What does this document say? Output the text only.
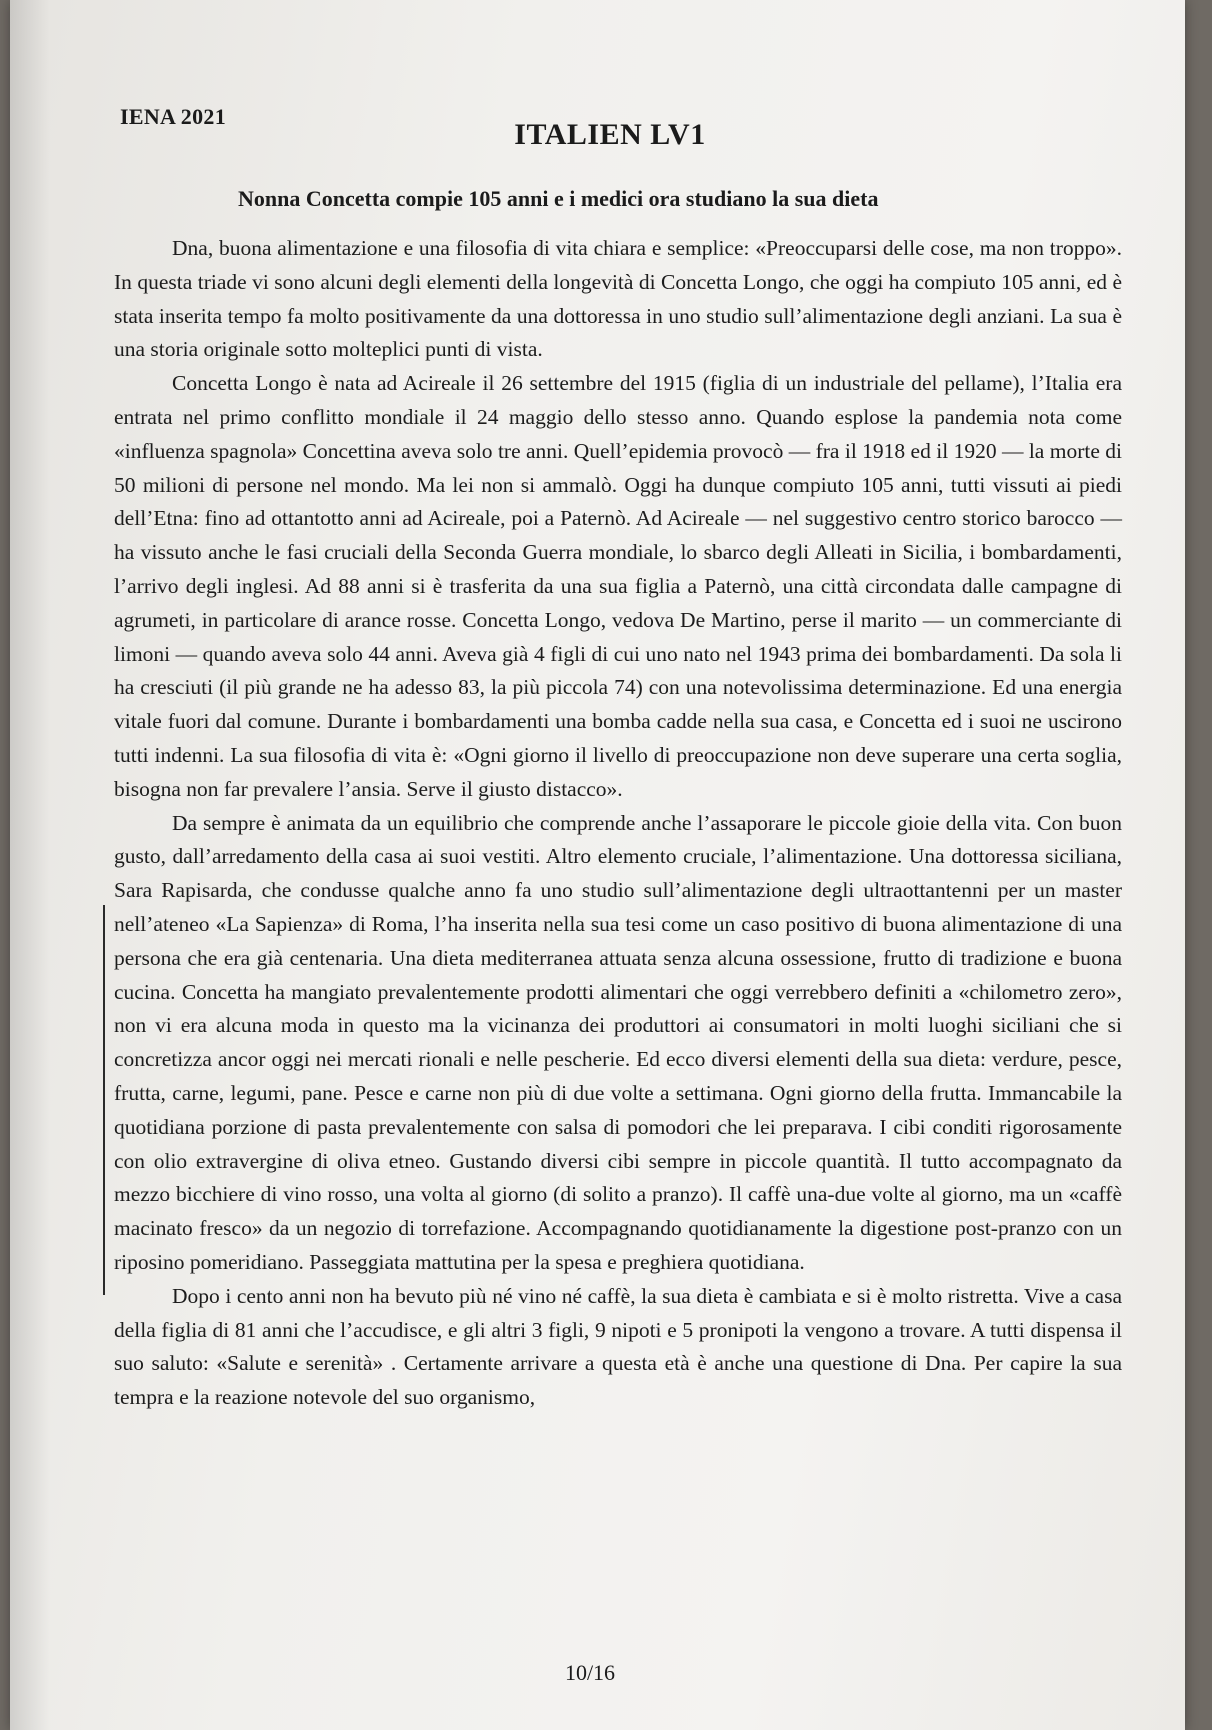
IENA 2021
ITALIEN LV1
Nonna Concetta compie 105 anni e i medici ora studiano la sua dieta

Dna, buona alimentazione e una filosofia di vita chiara e semplice: «Preoccuparsi delle cose, ma non troppo». In questa triade vi sono alcuni degli elementi della longevità di Concetta Longo, che oggi ha compiuto 105 anni, ed è stata inserita tempo fa molto positivamente da una dottoressa in uno studio sull’alimentazione degli anziani. La sua è una storia originale sotto molteplici punti di vista.

Concetta Longo è nata ad Acireale il 26 settembre del 1915 (figlia di un industriale del pellame), l’Italia era entrata nel primo conflitto mondiale il 24 maggio dello stesso anno. Quando esplose la pandemia nota come «influenza spagnola» Concettina aveva solo tre anni. Quell’epidemia provocò — fra il 1918 ed il 1920 — la morte di 50 milioni di persone nel mondo. Ma lei non si ammalò. Oggi ha dunque compiuto 105 anni, tutti vissuti ai piedi dell’Etna: fino ad ottantotto anni ad Acireale, poi a Paternò. Ad Acireale — nel suggestivo centro storico barocco — ha vissuto anche le fasi cruciali della Seconda Guerra mondiale, lo sbarco degli Alleati in Sicilia, i bombardamenti, l’arrivo degli inglesi. Ad 88 anni si è trasferita da una sua figlia a Paternò, una città circondata dalle campagne di agrumeti, in particolare di arance rosse. Concetta Longo, vedova De Martino, perse il marito — un commerciante di limoni — quando aveva solo 44 anni. Aveva già 4 figli di cui uno nato nel 1943 prima dei bombardamenti. Da sola li ha cresciuti (il più grande ne ha adesso 83, la più piccola 74) con una notevolissima determinazione. Ed una energia vitale fuori dal comune. Durante i bombardamenti una bomba cadde nella sua casa, e Concetta ed i suoi ne uscirono tutti indenni. La sua filosofia di vita è: «Ogni giorno il livello di preoccupazione non deve superare una certa soglia, bisogna non far prevalere l’ansia. Serve il giusto distacco».

Da sempre è animata da un equilibrio che comprende anche l’assaporare le piccole gioie della vita. Con buon gusto, dall’arredamento della casa ai suoi vestiti. Altro elemento cruciale, l’alimentazione. Una dottoressa siciliana, Sara Rapisarda, che condusse qualche anno fa uno studio sull’alimentazione degli ultraottantenni per un master nell’ateneo «La Sapienza» di Roma, l’ha inserita nella sua tesi come un caso positivo di buona alimentazione di una persona che era già centenaria. Una dieta mediterranea attuata senza alcuna ossessione, frutto di tradizione e buona cucina. Concetta ha mangiato prevalentemente prodotti alimentari che oggi verrebbero definiti a «chilometro zero», non vi era alcuna moda in questo ma la vicinanza dei produttori ai consumatori in molti luoghi siciliani che si concretizza ancor oggi nei mercati rionali e nelle pescherie. Ed ecco diversi elementi della sua dieta: verdure, pesce, frutta, carne, legumi, pane. Pesce e carne non più di due volte a settimana. Ogni giorno della frutta. Immancabile la quotidiana porzione di pasta prevalentemente con salsa di pomodori che lei preparava. I cibi conditi rigorosamente con olio extravergine di oliva etneo. Gustando diversi cibi sempre in piccole quantità. Il tutto accompagnato da mezzo bicchiere di vino rosso, una volta al giorno (di solito a pranzo). Il caffè una-due volte al giorno, ma un «caffè macinato fresco» da un negozio di torrefazione. Accompagnando quotidianamente la digestione post-pranzo con un riposino pomeridiano. Passeggiata mattutina per la spesa e preghiera quotidiana.

Dopo i cento anni non ha bevuto più né vino né caffè, la sua dieta è cambiata e si è molto ristretta. Vive a casa della figlia di 81 anni che l’accudisce, e gli altri 3 figli, 9 nipoti e 5 pronipoti la vengono a trovare. A tutti dispensa il suo saluto: «Salute e serenità» . Certamente arrivare a questa età è anche una questione di Dna. Per capire la sua tempra e la reazione notevole del suo organismo,

10/16
